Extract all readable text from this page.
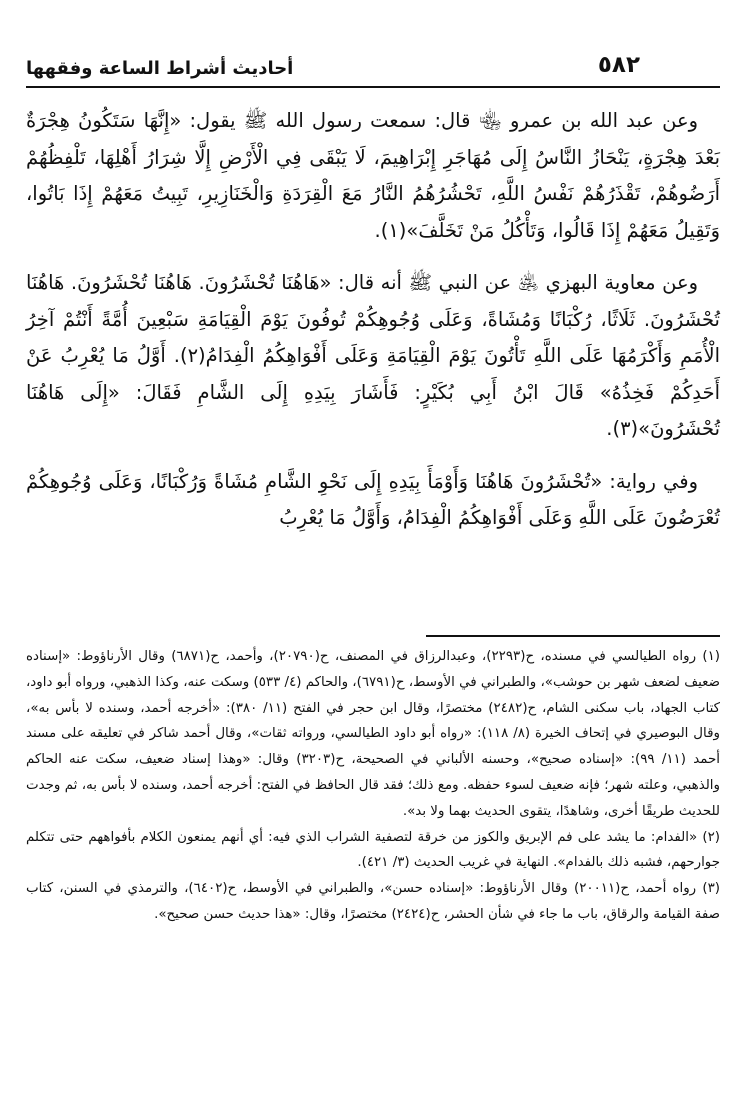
٥٨٢
أحاديث أشراط الساعة وفقهها

وعن عبد الله بن عمرو ﵄ قال: سمعت رسول الله ﷺ يقول: «إِنَّهَا سَتَكُونُ هِجْرَةٌ بَعْدَ هِجْرَةٍ، يَنْحَازُ النَّاسُ إِلَى مُهَاجَرِ إِبْرَاهِيمَ، لَا يَبْقَى فِي الْأَرْضِ إِلَّا شِرَارُ أَهْلِهَا، تَلْفِظُهُمْ أَرَضُوهُمْ، تَقْذَرُهُمْ نَفْسُ اللَّهِ، تَحْشُرُهُمُ النَّارُ مَعَ الْقِرَدَةِ وَالْخَنَازِيرِ، تَبِيتُ مَعَهُمْ إِذَا بَاتُوا، وَتَقِيلُ مَعَهُمْ إِذَا قَالُوا، وَتَأْكُلُ مَنْ تَخَلَّفَ»(١).

وعن معاوية البهزي ﵁ عن النبي ﷺ أنه قال: «هَاهُنَا تُحْشَرُونَ. هَاهُنَا تُحْشَرُونَ. هَاهُنَا تُحْشَرُونَ. ثَلَاثًا، رُكْبَانًا وَمُشَاةً، وَعَلَى وُجُوهِكُمْ تُوفُونَ يَوْمَ الْقِيَامَةِ سَبْعِينَ أُمَّةً أَنْتُمْ آخِرُ الْأُمَمِ وَأَكْرَمُهَا عَلَى اللَّهِ تَأْتُونَ يَوْمَ الْقِيَامَةِ وَعَلَى أَفْوَاهِكُمُ الْفِدَامُ(٢). أَوَّلُ مَا يُعْرِبُ عَنْ أَحَدِكُمْ فَخِذُهُ» قَالَ ابْنُ أَبِي بُكَيْرٍ: فَأَشَارَ بِيَدِهِ إِلَى الشَّامِ فَقَالَ: «إِلَى هَاهُنَا تُحْشَرُونَ»(٣).

وفي رواية: «تُحْشَرُونَ هَاهُنَا وَأَوْمَأَ بِيَدِهِ إِلَى نَحْوِ الشَّامِ مُشَاةً وَرُكْبَانًا، وَعَلَى وُجُوهِكُمْ تُعْرَضُونَ عَلَى اللَّهِ وَعَلَى أَفْوَاهِكُمُ الْفِدَامُ، وَأَوَّلُ مَا يُعْرِبُ

(١) رواه الطيالسي في مسنده، ح(٢٢٩٣)، وعبدالرزاق في المصنف، ح(٢٠٧٩٠)، وأحمد، ح(٦٨٧١) وقال الأرناؤوط: «إسناده ضعيف لضعف شهر بن حوشب»، والطبراني في الأوسط، ح(٦٧٩١)، والحاكم (٤/ ٥٣٣) وسكت عنه، وكذا الذهبي، ورواه أبو داود، كتاب الجهاد، باب سكنى الشام، ح(٢٤٨٢) مختصرًا، وقال ابن حجر في الفتح (١١/ ٣٨٠): «أخرجه أحمد، وسنده لا بأس به»، وقال البوصيري في إتحاف الخيرة (٨/ ١١٨): «رواه أبو داود الطيالسي، ورواته ثقات»، وقال أحمد شاكر في تعليقه على مسند أحمد (١١/ ٩٩): «إسناده صحيح»، وحسنه الألباني في الصحيحة، ح(٣٢٠٣) وقال: «وهذا إسناد ضعيف، سكت عنه الحاكم والذهبي، وعلته شهر؛ فإنه ضعيف لسوء حفظه. ومع ذلك؛ فقد قال الحافظ في الفتح: أخرجه أحمد، وسنده لا بأس به، ثم وجدت للحديث طريقًا أخرى، وشاهدًا، يتقوى الحديث بهما ولا بد».

(٢) «الفدام: ما يشد على فم الإبريق والكوز من خرقة لتصفية الشراب الذي فيه: أي أنهم يمنعون الكلام بأفواههم حتى تتكلم جوارحهم، فشبه ذلك بالفدام». النهاية في غريب الحديث (٣/ ٤٢١).

(٣) رواه أحمد، ح(٢٠٠١١) وقال الأرناؤوط: «إسناده حسن»، والطبراني في الأوسط، ح(٦٤٠٢)، والترمذي في السنن، كتاب صفة القيامة والرقاق، باب ما جاء في شأن الحشر، ح(٢٤٢٤) مختصرًا، وقال: «هذا حديث حسن صحيح».
